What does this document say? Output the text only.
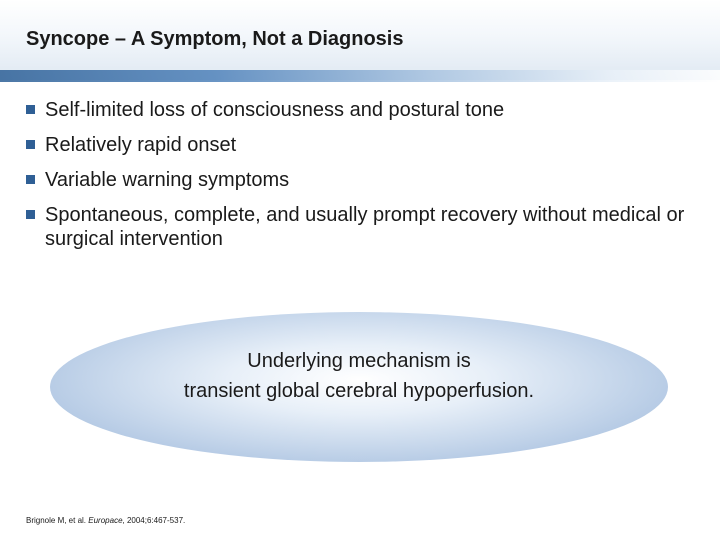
Syncope – A Symptom, Not a Diagnosis
Self-limited loss of consciousness and postural tone
Relatively rapid onset
Variable warning symptoms
Spontaneous, complete, and usually prompt recovery without medical or surgical intervention
Underlying mechanism is
transient global cerebral hypoperfusion.
Brignole M, et al. Europace, 2004;6:467-537.
